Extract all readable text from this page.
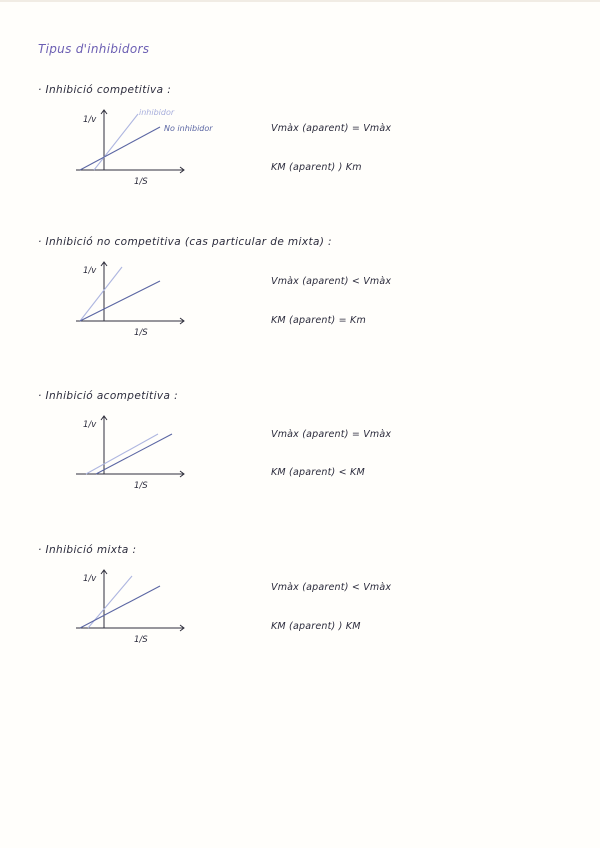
Tipus d'inhibidors
· Inhibició competitiva :
1/v
1/S
inhibidor
No inhibidor	Vmàx (aparent) = Vmàx
KM (aparent) ) Km
· Inhibició no competitiva (cas particular de mixta) :
1/v
1/S
Vmàx (aparent) < Vmàx
KM (aparent) = Km
· Inhibició acompetitiva :
1/v
1/S
Vmàx (aparent) = Vmàx
KM (aparent) < KM
· Inhibició mixta :
1/v
1/S
Vmàx (aparent) < Vmàx
KM (aparent) ) KM
